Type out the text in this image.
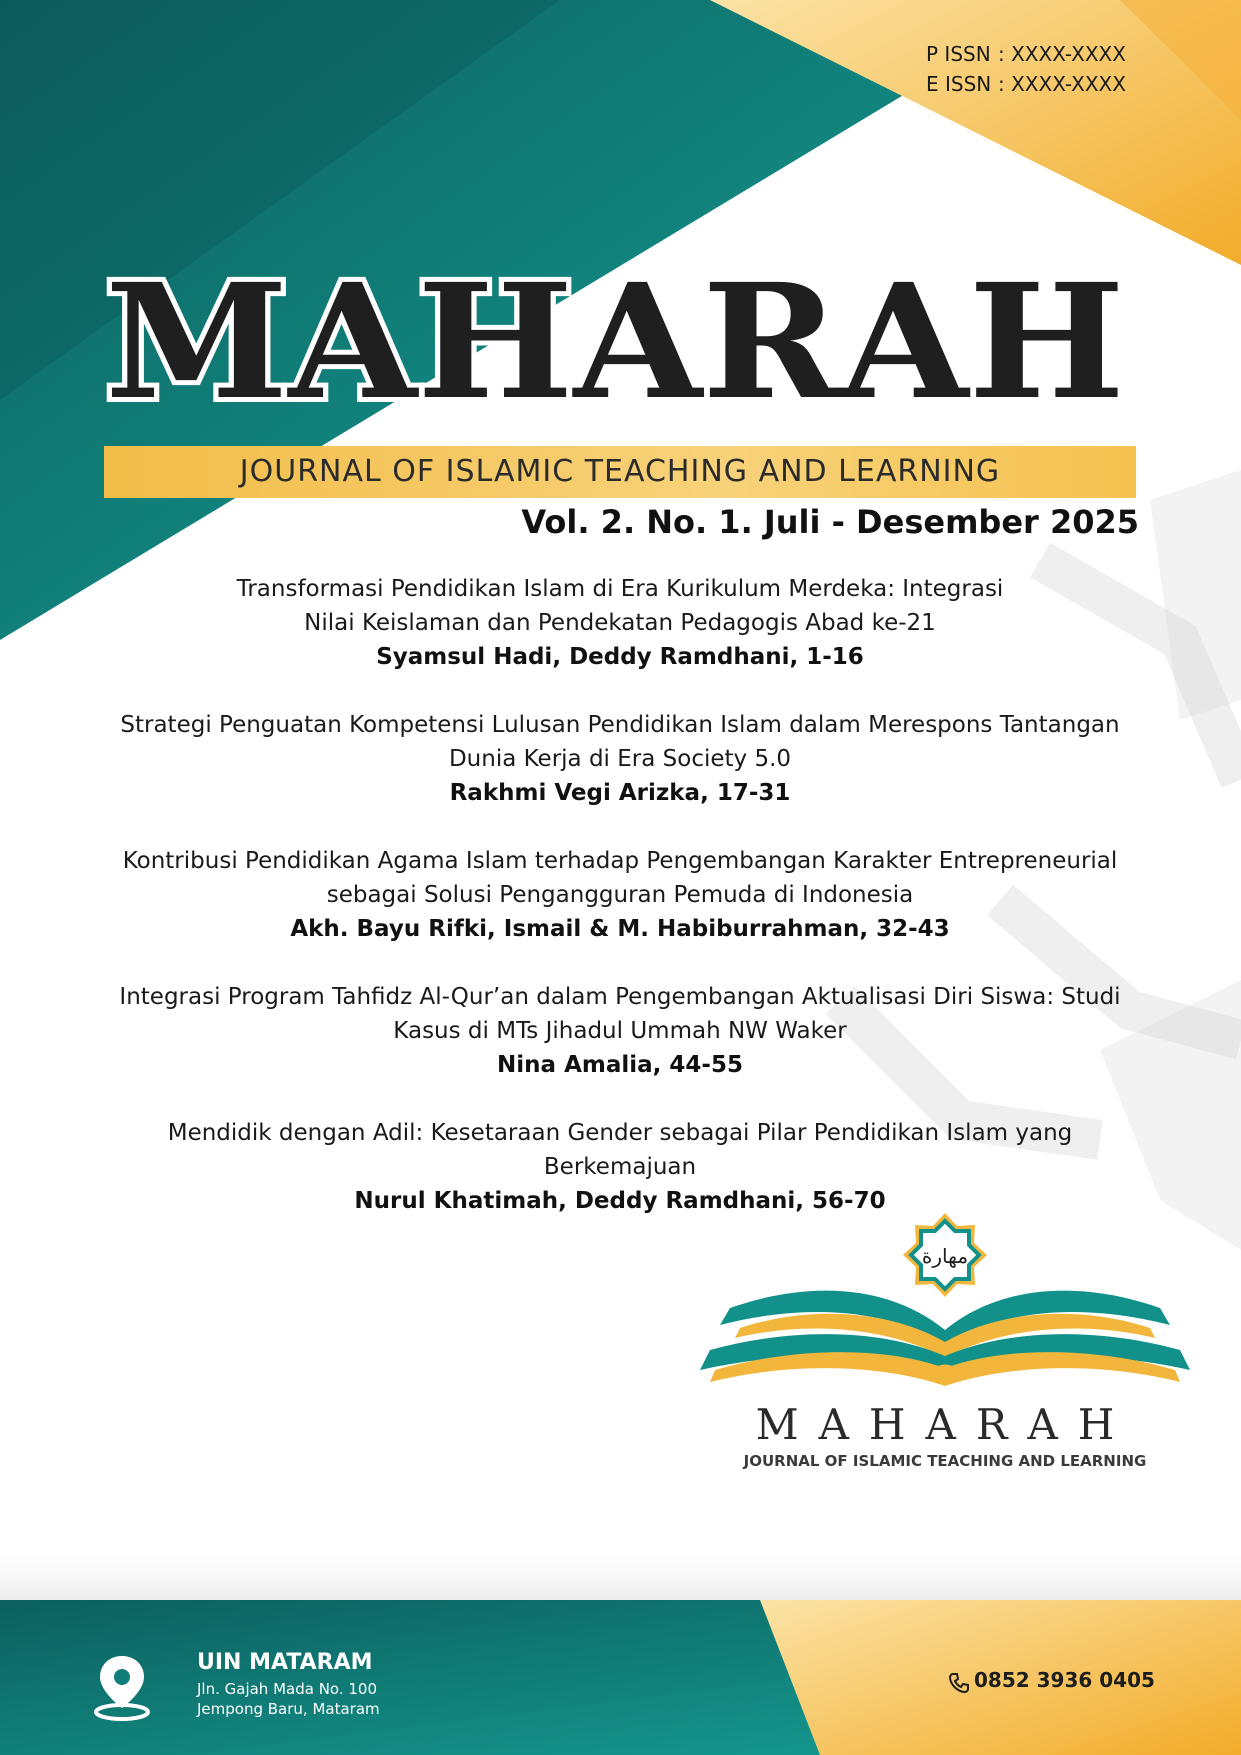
P ISSN : XXXX-XXXX
E ISSN : XXXX-XXXX
MAHARAH
JOURNAL OF ISLAMIC TEACHING AND LEARNING
Vol. 2. No. 1. Juli - Desember 2025
Transformasi Pendidikan Islam di Era Kurikulum Merdeka: Integrasi
Nilai Keislaman dan Pendekatan Pedagogis Abad ke-21
Syamsul Hadi, Deddy Ramdhani, 1-16
Strategi Penguatan Kompetensi Lulusan Pendidikan Islam dalam Merespons Tantangan
Dunia Kerja di Era Society 5.0
Rakhmi Vegi Arizka, 17-31
Kontribusi Pendidikan Agama Islam terhadap Pengembangan Karakter Entrepreneurial
sebagai Solusi Pengangguran Pemuda di Indonesia
Akh. Bayu Rifki, Ismail & M. Habiburrahman, 32-43
Integrasi Program Tahfidz Al-Qur’an dalam Pengembangan Aktualisasi Diri Siswa: Studi
Kasus di MTs Jihadul Ummah NW Waker
Nina Amalia, 44-55
Mendidik dengan Adil: Kesetaraan Gender sebagai Pilar Pendidikan Islam yang
Berkemajuan
Nurul Khatimah, Deddy Ramdhani, 56-70
مهارة
MAHARAH
JOURNAL OF ISLAMIC TEACHING AND LEARNING
UIN MATARAM
Jln. Gajah Mada No. 100
Jempong Baru, Mataram
0852 3936 0405
